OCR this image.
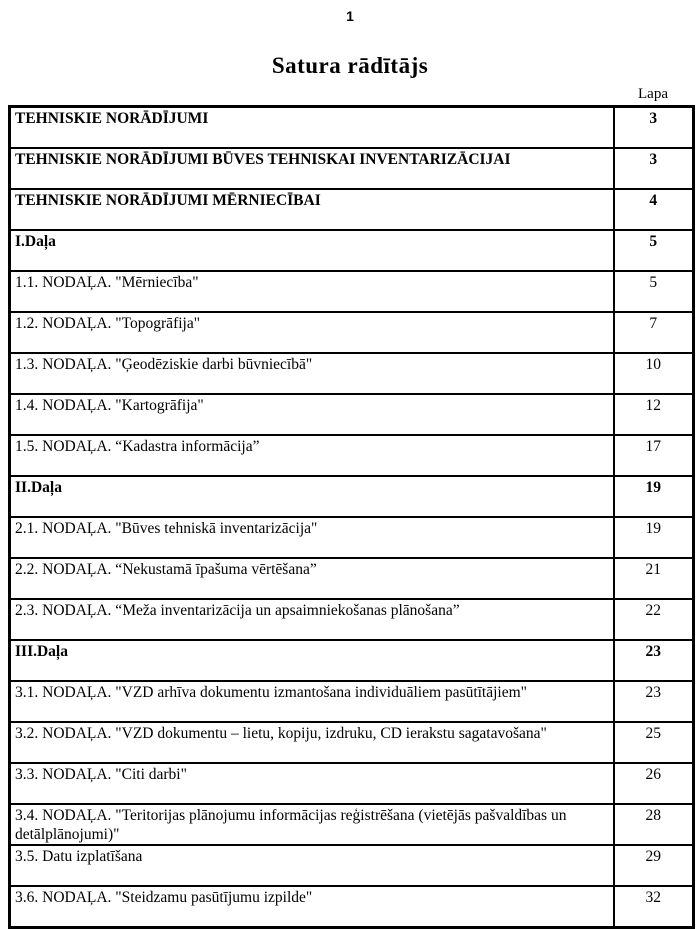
1
Satura rādītājs
Lapa
TEHNISKIE NORĀDĪJUMI	3
TEHNISKIE NORĀDĪJUMI BŪVES TEHNISKAI INVENTARIZĀCIJAI	3
TEHNISKIE NORĀDĪJUMI MĒRNIECĪBAI	4
I.Daļa	5
1.1. NODAĻA. "Mērniecība"	5
1.2. NODAĻA. "Topogrāfija"	7
1.3. NODAĻA. "Ģeodēziskie darbi būvniecībā"	10
1.4. NODAĻA. "Kartogrāfija"	12
1.5. NODAĻA. “Kadastra informācija”	17
II.Daļa	19
2.1. NODAĻA. "Būves tehniskā inventarizācija"	19
2.2. NODAĻA. “Nekustamā īpašuma vērtēšana”	21
2.3. NODAĻA. “Meža inventarizācija un apsaimniekošanas plānošana”	22
III.Daļa	23
3.1. NODAĻA. "VZD arhīva dokumentu izmantošana individuāliem pasūtītājiem"	23
3.2. NODAĻA. "VZD dokumentu – lietu, kopiju, izdruku, CD ierakstu sagatavošana"	25
3.3. NODAĻA. "Citi darbi"	26
3.4. NODAĻA. "Teritorijas plānojumu informācijas reģistrēšana (vietējās pašvaldības un detālplānojumi)"	28
3.5. Datu izplatīšana	29
3.6. NODAĻA. "Steidzamu pasūtījumu izpilde"	32
